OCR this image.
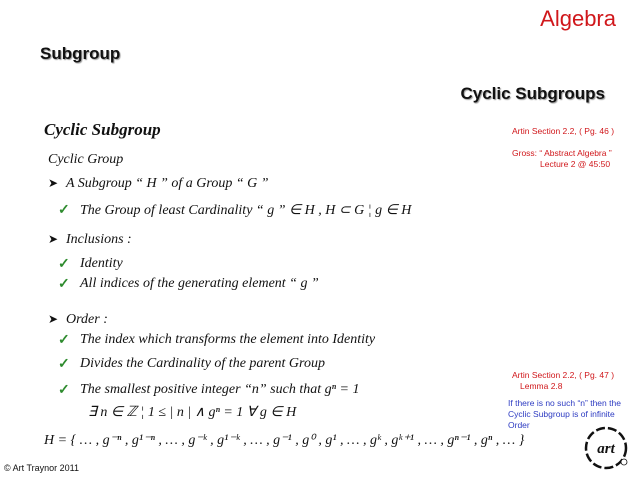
Algebra
Subgroup
Cyclic Subgroups
Cyclic Subgroup
Cyclic Group
➤ A Subgroup “ H ” of a Group “ G ”
✓ The Group of least Cardinality “ g ” ∈ H , H ⊂ G ¦ g ∈ H
➤ Inclusions :
✓ Identity
✓ All indices of the generating element “ g ”
➤ Order :
✓ The index which transforms the element into Identity
✓ Divides the Cardinality of the parent Group
✓ The smallest positive integer “n” such that gⁿ = 1
∃ n ∈ ℤ ¦ 1 ≤ | n | ∧ gⁿ = 1 ∀ g ∈ H
H = { … , g⁻ⁿ , g¹⁻ⁿ , … , g⁻ᵏ , g¹⁻ᵏ , … , g⁻¹ , g⁰ , g¹ , … , gᵏ , gᵏ⁺¹ , … , gⁿ⁻¹ , gⁿ , … }
Artin Section 2.2, ( Pg. 46 )
Gross: “ Abstract Algebra ”
Lecture 2 @ 45:50
Artin Section 2.2, ( Pg. 47 )
Lemma 2.8
If there is no such “n” then the
Cyclic Subgroup is of infinite
Order
© Art Traynor 2011
art
